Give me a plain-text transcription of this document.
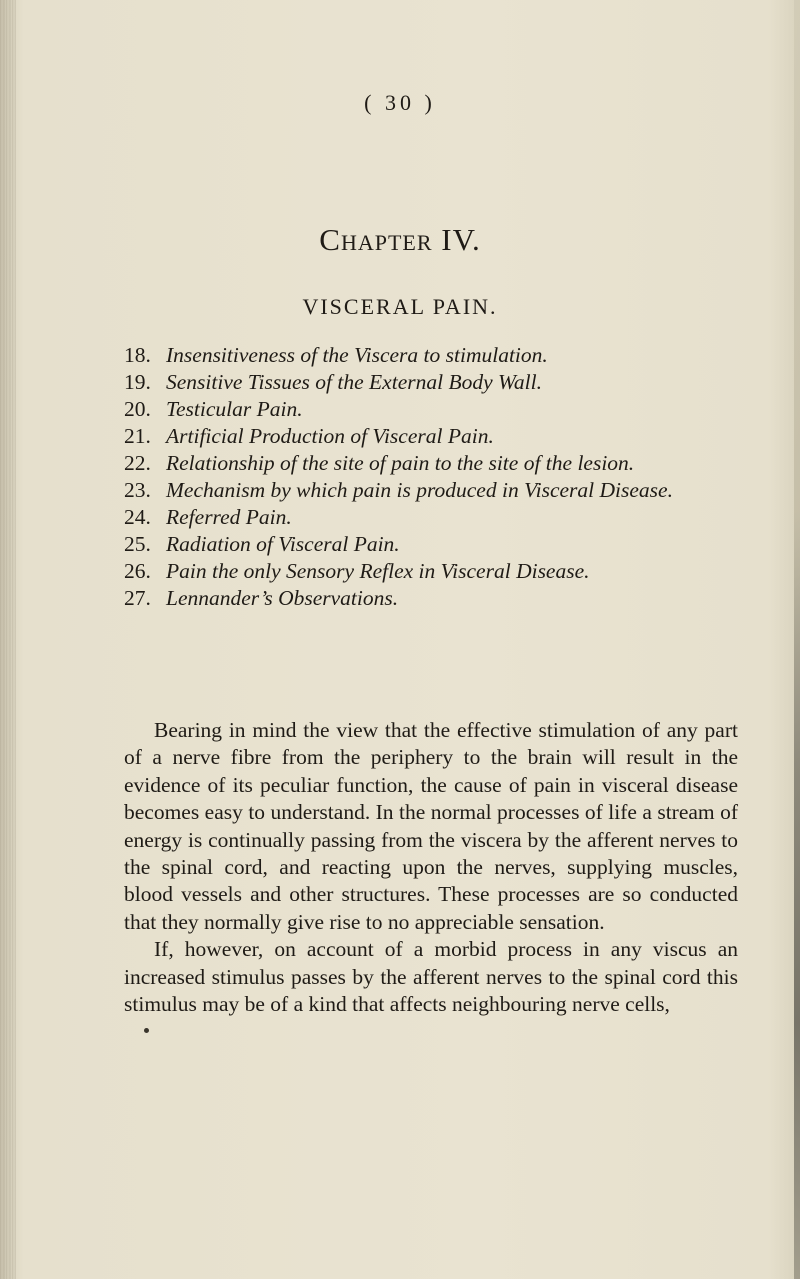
( 30 )
Chapter IV.
VISCERAL PAIN.
18. Insensitiveness of the Viscera to stimulation.
19. Sensitive Tissues of the External Body Wall.
20. Testicular Pain.
21. Artificial Production of Visceral Pain.
22. Relationship of the site of pain to the site of the lesion.
23. Mechanism by which pain is produced in Visceral Disease.
24. Referred Pain.
25. Radiation of Visceral Pain.
26. Pain the only Sensory Reflex in Visceral Disease.
27. Lennander’s Observations.

Bearing in mind the view that the effective stimulation of any part of a nerve fibre from the periphery to the brain will result in the evidence of its peculiar function, the cause of pain in visceral disease becomes easy to understand. In the normal processes of life a stream of energy is continually passing from the viscera by the afferent nerves to the spinal cord, and reacting upon the nerves, supplying muscles, blood vessels and other structures. These processes are so conducted that they normally give rise to no appreciable sensation.

If, however, on account of a morbid process in any viscus an increased stimulus passes by the afferent nerves to the spinal cord this stimulus may be of a kind that affects neighbouring nerve cells,
